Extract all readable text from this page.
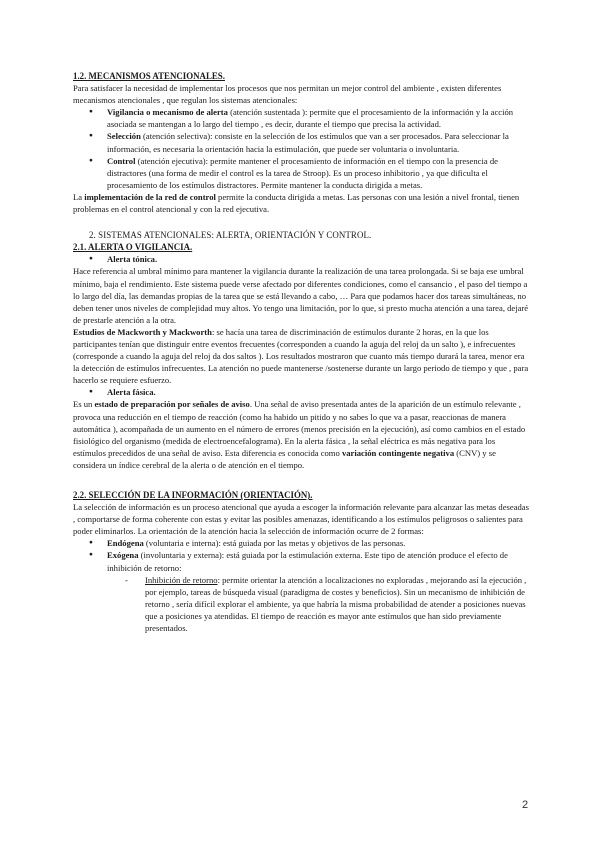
1.2. MECANISMOS ATENCIONALES.

Para satisfacer la necesidad de implementar los procesos que nos permitan un mejor control del ambiente , existen diferentes mecanismos atencionales , que regulan los sistemas atencionales:

● Vigilancia o mecanismo de alerta (atención sustentada ): permite que el procesamiento de la información y la acción asociada se mantengan a lo largo del tiempo , es decir, durante el tiempo que precisa la actividad.
● Selección (atención selectiva): consiste en la selección de los estímulos que van a ser procesados. Para seleccionar la información, es necesaria la orientación hacia la estimulación, que puede ser voluntaria o involuntaria.
● Control (atención ejecutiva): permite mantener el procesamiento de información en el tiempo con la presencia de distractores (una forma de medir el control es la tarea de Stroop). Es un proceso inhibitorio , ya que dificulta el procesamiento de los estímulos distractores. Permite mantener la conducta dirigida a metas.

La implementación de la red de control permite la conducta dirigida a metas. Las personas con una lesión a nivel frontal, tienen problemas en el control atencional y con la red ejecutiva.

2. SISTEMAS ATENCIONALES: ALERTA, ORIENTACIÓN Y CONTROL.

2.1. ALERTA O VIGILANCIA.

● Alerta tónica.

Hace referencia al umbral mínimo para mantener la vigilancia durante la realización de una tarea prolongada. Si se baja ese umbral mínimo, baja el rendimiento. Este sistema puede verse afectado por diferentes condiciones, como el cansancio , el paso del tiempo a lo largo del día, las demandas propias de la tarea que se está llevando a cabo, … Para que podamos hacer dos tareas simultáneas, no deben tener unos niveles de complejidad muy altos. Yo tengo una limitación, por lo que, si presto mucha atención a una tarea, dejaré de prestarle atención a la otra.

Estudios de Mackworth y Mackworth: se hacía una tarea de discriminación de estímulos durante 2 horas, en la que los participantes tenían que distinguir entre eventos frecuentes (corresponden a cuando la aguja del reloj da un salto ), e infrecuentes (corresponde a cuando la aguja del reloj da dos saltos ). Los resultados mostraron que cuanto más tiempo durará la tarea, menor era la detección de estímulos infrecuentes. La atención no puede mantenerse /sostenerse durante un largo periodo de tiempo y que , para hacerlo se requiere esfuerzo.

● Alerta fásica.

Es un estado de preparación por señales de aviso. Una señal de aviso presentada antes de la aparición de un estímulo relevante , provoca una reducción en el tiempo de reacción (como ha habido un pitido y no sabes lo que va a pasar, reaccionas de manera automática ), acompañada de un aumento en el número de errores (menos precisión en la ejecución), así como cambios en el estado fisiológico del organismo (medida de electroencefalograma). En la alerta fásica , la señal eléctrica es más negativa para los estímulos precedidos de una señal de aviso. Esta diferencia es conocida como variación contingente negativa (CNV) y se considera un índice cerebral de la alerta o de atención en el tiempo.

2.2. SELECCIÓN DE LA INFORMACIÓN (ORIENTACIÓN).

La selección de información es un proceso atencional que ayuda a escoger la información relevante para alcanzar las metas deseadas , comportarse de forma coherente con estas y evitar las posibles amenazas, identificando a los estímulos peligrosos o salientes para poder eliminarlos. La orientación de la atención hacia la selección de información ocurre de 2 formas:

● Endógena (voluntaria e interna): está guiada por las metas y objetivos de las personas.
● Exógena (involuntaria y externa): está guiada por la estimulación externa. Este tipo de atención produce el efecto de inhibición de retorno:
- Inhibición de retorno: permite orientar la atención a localizaciones no exploradas , mejorando así la ejecución , por ejemplo, tareas de búsqueda visual (paradigma de costes y beneficios). Sin un mecanismo de inhibición de retorno , sería difícil explorar el ambiente, ya que habría la misma probabilidad de atender a posiciones nuevas que a posiciones ya atendidas. El tiempo de reacción es mayor ante estímulos que han sido previamente presentados.
2
